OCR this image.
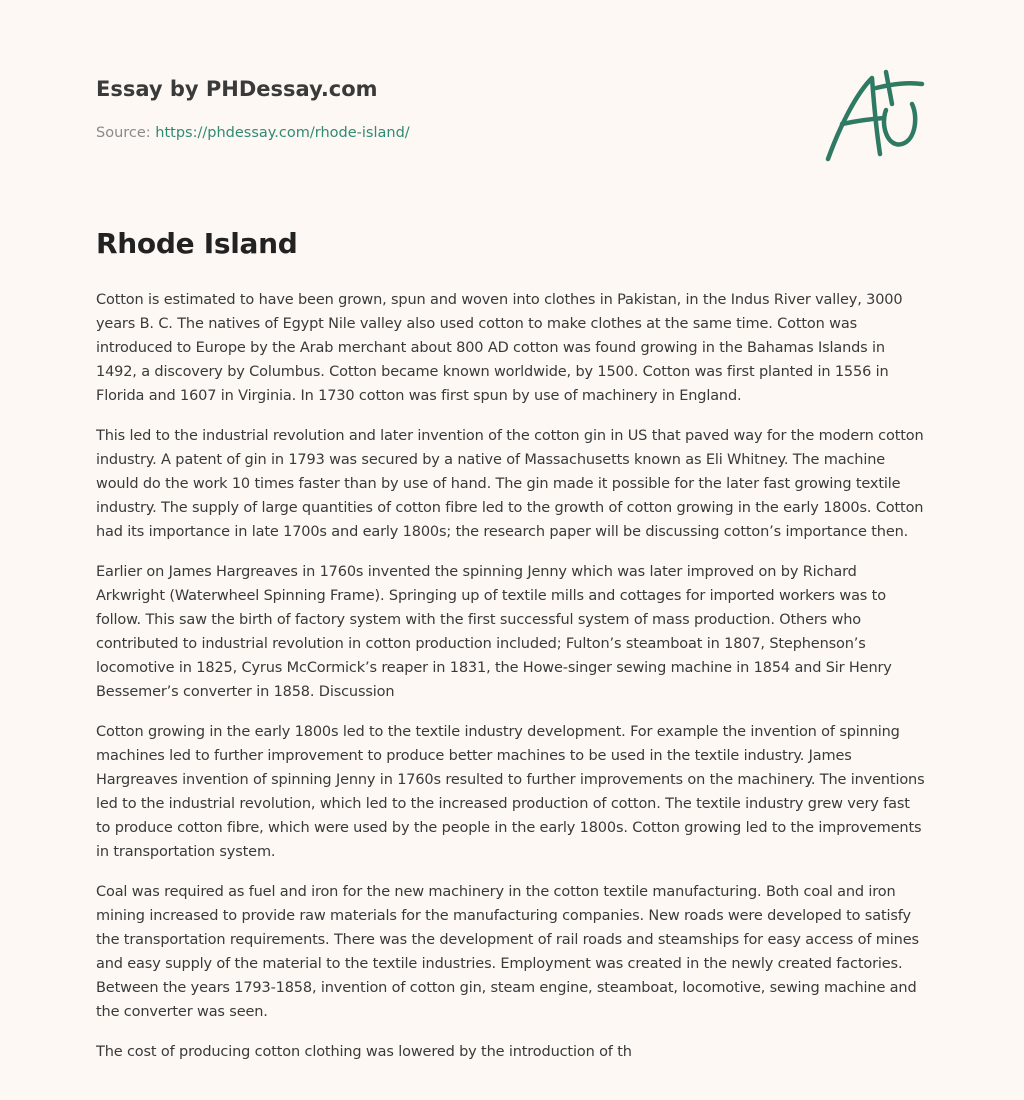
Essay by PHDessay.com
Source: https://phdessay.com/rhode-island/
Rhode Island

Cotton is estimated to have been grown, spun and woven into clothes in Pakistan, in the Indus River valley, 3000 years B. C. The natives of Egypt Nile valley also used cotton to make clothes at the same time. Cotton was introduced to Europe by the Arab merchant about 800 AD cotton was found growing in the Bahamas Islands in 1492, a discovery by Columbus. Cotton became known worldwide, by 1500. Cotton was first planted in 1556 in Florida and 1607 in Virginia. In 1730 cotton was first spun by use of machinery in England.

This led to the industrial revolution and later invention of the cotton gin in US that paved way for the modern cotton industry. A patent of gin in 1793 was secured by a native of Massachusetts known as Eli Whitney. The machine would do the work 10 times faster than by use of hand. The gin made it possible for the later fast growing textile industry. The supply of large quantities of cotton fibre led to the growth of cotton growing in the early 1800s. Cotton had its importance in late 1700s and early 1800s; the research paper will be discussing cotton’s importance then.

Earlier on James Hargreaves in 1760s invented the spinning Jenny which was later improved on by Richard Arkwright (Waterwheel Spinning Frame). Springing up of textile mills and cottages for imported workers was to follow. This saw the birth of factory system with the first successful system of mass production. Others who contributed to industrial revolution in cotton production included; Fulton’s steamboat in 1807, Stephenson’s locomotive in 1825, Cyrus McCormick’s reaper in 1831, the Howe-singer sewing machine in 1854 and Sir Henry Bessemer’s converter in 1858. Discussion

Cotton growing in the early 1800s led to the textile industry development. For example the invention of spinning machines led to further improvement to produce better machines to be used in the textile industry. James Hargreaves invention of spinning Jenny in 1760s resulted to further improvements on the machinery. The inventions led to the industrial revolution, which led to the increased production of cotton. The textile industry grew very fast to produce cotton fibre, which were used by the people in the early 1800s. Cotton growing led to the improvements in transportation system.

Coal was required as fuel and iron for the new machinery in the cotton textile manufacturing. Both coal and iron mining increased to provide raw materials for the manufacturing companies. New roads were developed to satisfy the transportation requirements. There was the development of rail roads and steamships for easy access of mines and easy supply of the material to the textile industries. Employment was created in the newly created factories. Between the years 1793-1858, invention of cotton gin, steam engine, steamboat, locomotive, sewing machine and the converter was seen.

The cost of producing cotton clothing was lowered by the introduction of th
